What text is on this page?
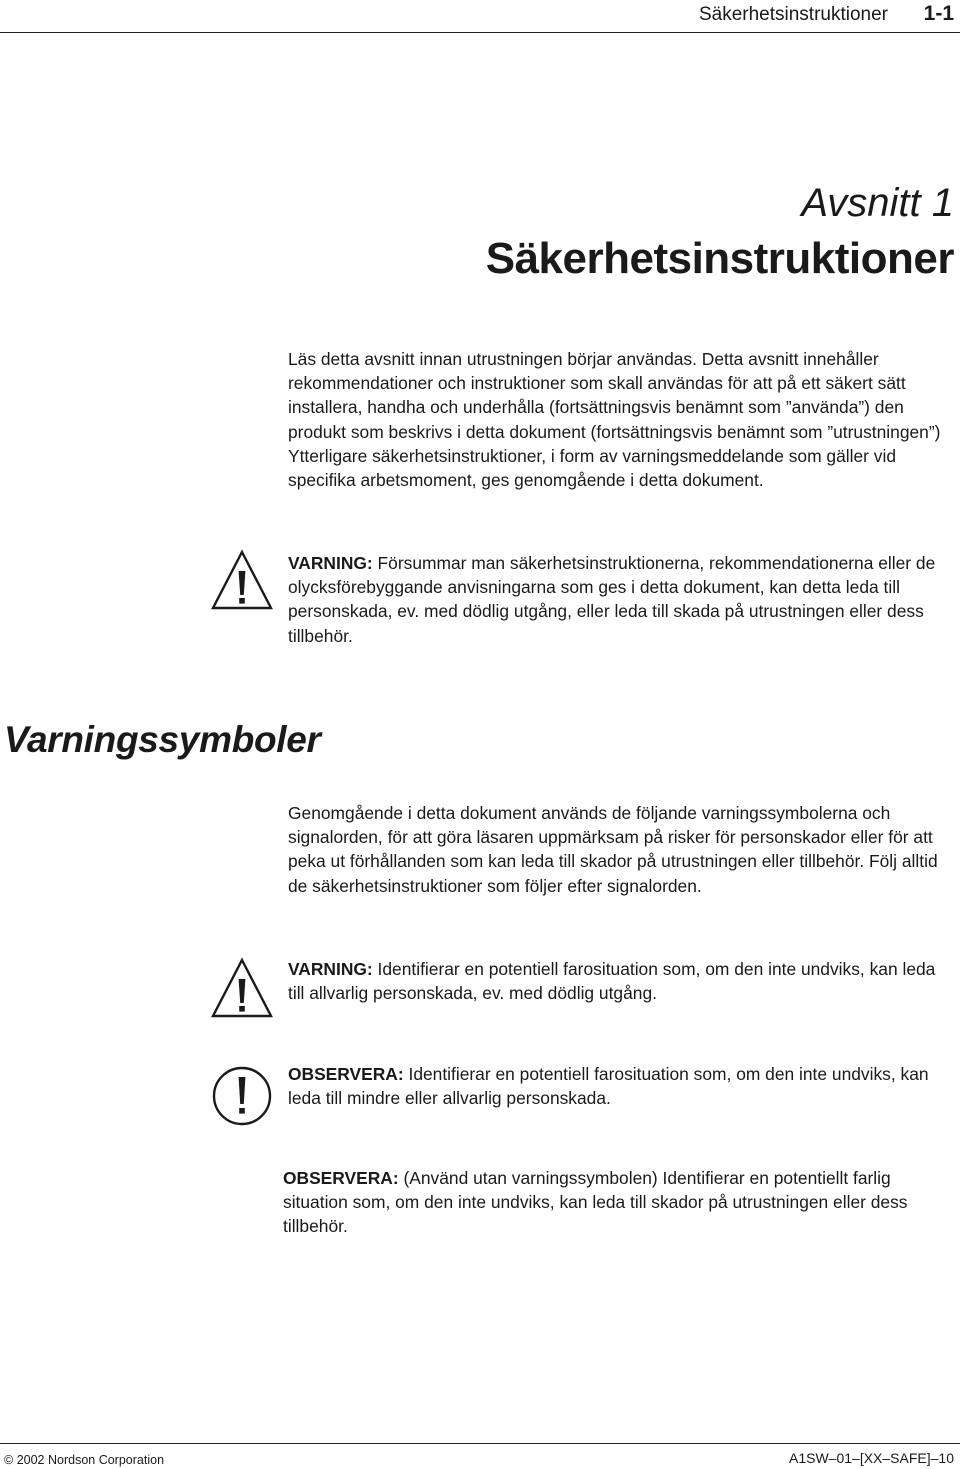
Säkerhetsinstruktioner 1-1
Avsnitt 1
Säkerhetsinstruktioner

Läs detta avsnitt innan utrustningen börjar användas. Detta avsnitt innehåller rekommendationer och instruktioner som skall användas för att på ett säkert sätt installera, handha och underhålla (fortsättningsvis benämnt som ”använda”) den produkt som beskrivs i detta dokument (fortsättningsvis benämnt som ”utrustningen”) Ytterligare säkerhetsinstruktioner, i form av varningsmeddelande som gäller vid specifika arbetsmoment, ges genomgående i detta dokument.

VARNING: Försummar man säkerhetsinstruktionerna, rekommendationerna eller de olycksförebyggande anvisningarna som ges i detta dokument, kan detta leda till personskada, ev. med dödlig utgång, eller leda till skada på utrustningen eller dess tillbehör.

Varningssymboler

Genomgående i detta dokument används de följande varningssymbolerna och signalorden, för att göra läsaren uppmärksam på risker för personskador eller för att peka ut förhållanden som kan leda till skador på utrustningen eller tillbehör. Följ alltid de säkerhetsinstruktioner som följer efter signalorden.

VARNING: Identifierar en potentiell farosituation som, om den inte undviks, kan leda till allvarlig personskada, ev. med dödlig utgång.

OBSERVERA: Identifierar en potentiell farosituation som, om den inte undviks, kan leda till mindre eller allvarlig personskada.

OBSERVERA: (Använd utan varningssymbolen) Identifierar en potentiellt farlig situation som, om den inte undviks, kan leda till skador på utrustningen eller dess tillbehör.

© 2002 Nordson Corporation	A1SW–01–[XX–SAFE]–10
